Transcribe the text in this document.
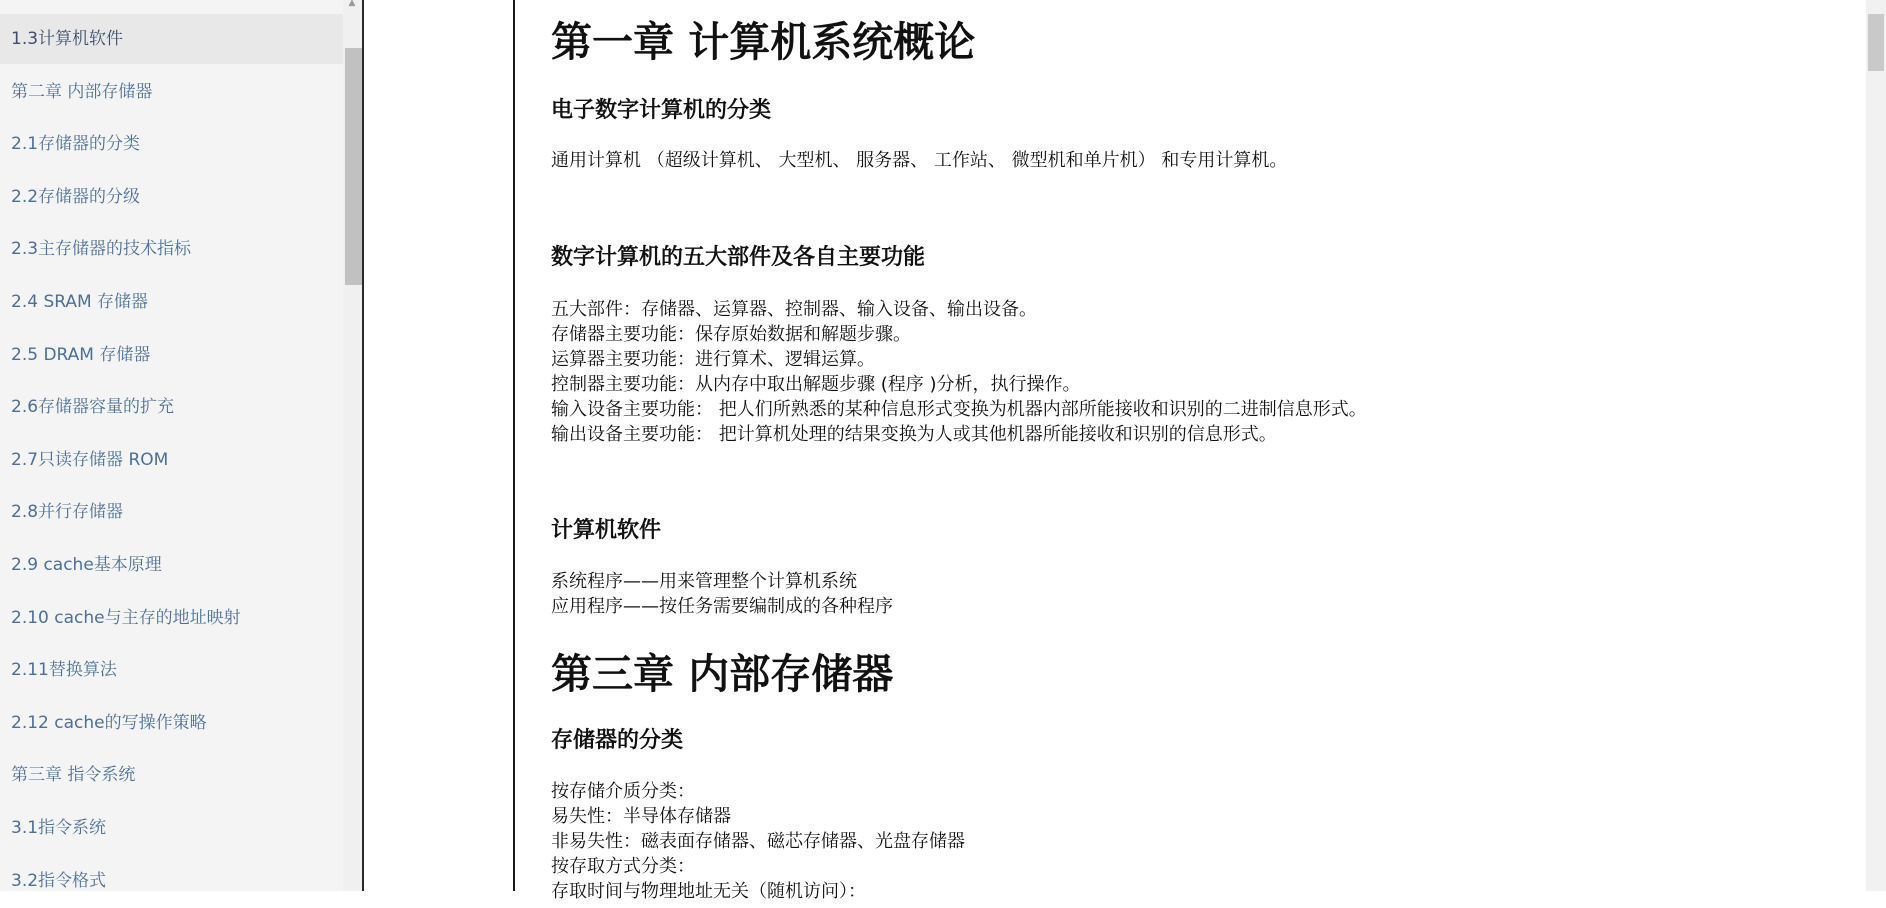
1.3计算机软件
第二章 内部存储器
2.1存储器的分类
2.2存储器的分级
2.3主存储器的技术指标
2.4 SRAM 存储器
2.5 DRAM 存储器
2.6存储器容量的扩充
2.7只读存储器 ROM
2.8并行存储器
2.9 cache基本原理
2.10 cache与主存的地址映射
2.11替换算法
2.12 cache的写操作策略
第三章 指令系统
3.1指令系统
3.2指令格式
▲
第一章 计算机系统概论
电子数字计算机的分类

通用计算机 （超级计算机、 大型机、 服务器、 工作站、 微型机和单片机） 和专用计算机。

数字计算机的五大部件及各自主要功能

五大部件：存储器、运算器、控制器、输入设备、输出设备。

存储器主要功能：保存原始数据和解题步骤。

运算器主要功能：进行算术、逻辑运算。

控制器主要功能：从内存中取出解题步骤 (程序 )分析，执行操作。

输入设备主要功能： 把人们所熟悉的某种信息形式变换为机器内部所能接收和识别的二进制信息形式。

输出设备主要功能： 把计算机处理的结果变换为人或其他机器所能接收和识别的信息形式。

计算机软件

系统程序——用来管理整个计算机系统

应用程序——按任务需要编制成的各种程序

第三章 内部存储器
存储器的分类

按存储介质分类：

易失性：半导体存储器

非易失性：磁表面存储器、磁芯存储器、光盘存储器

按存取方式分类：

存取时间与物理地址无关（随机访问）：
